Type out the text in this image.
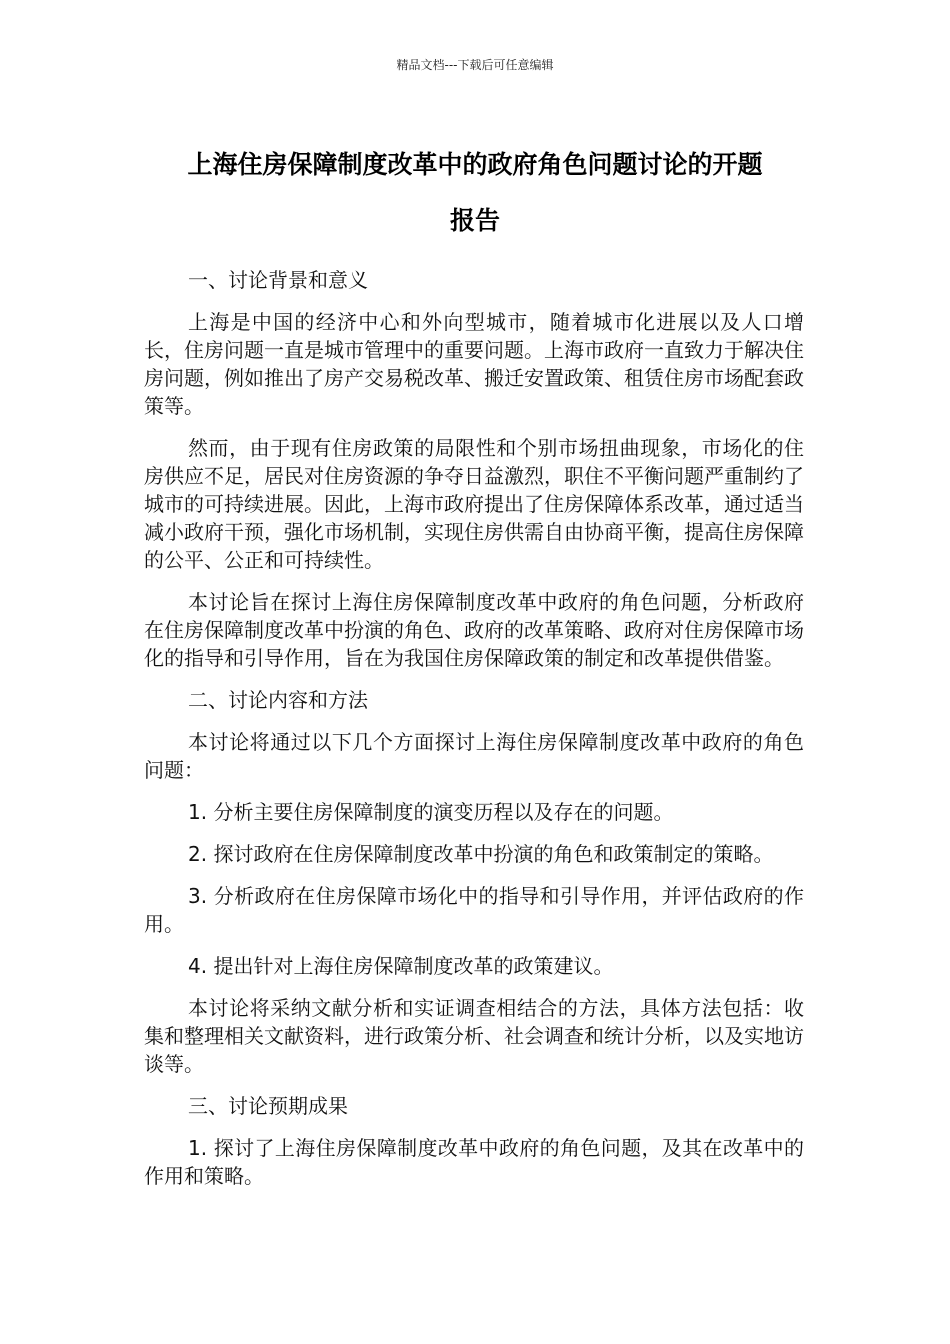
精品文档---下载后可任意编辑
上海住房保障制度改革中的政府角色问题讨论的开题
报告

一、讨论背景和意义

上海是中国的经济中心和外向型城市，随着城市化进展以及人口增长，住房问题一直是城市管理中的重要问题。上海市政府一直致力于解决住房问题，例如推出了房产交易税改革、搬迁安置政策、租赁住房市场配套政策等。

然而，由于现有住房政策的局限性和个别市场扭曲现象，市场化的住房供应不足，居民对住房资源的争夺日益激烈，职住不平衡问题严重制约了城市的可持续进展。因此，上海市政府提出了住房保障体系改革，通过适当减小政府干预，强化市场机制，实现住房供需自由协商平衡，提高住房保障的公平、公正和可持续性。

本讨论旨在探讨上海住房保障制度改革中政府的角色问题，分析政府在住房保障制度改革中扮演的角色、政府的改革策略、政府对住房保障市场化的指导和引导作用，旨在为我国住房保障政策的制定和改革提供借鉴。

二、讨论内容和方法

本讨论将通过以下几个方面探讨上海住房保障制度改革中政府的角色问题：

1. 分析主要住房保障制度的演变历程以及存在的问题。

2. 探讨政府在住房保障制度改革中扮演的角色和政策制定的策略。

3. 分析政府在住房保障市场化中的指导和引导作用，并评估政府的作用。

4. 提出针对上海住房保障制度改革的政策建议。

本讨论将采纳文献分析和实证调查相结合的方法，具体方法包括：收集和整理相关文献资料，进行政策分析、社会调查和统计分析，以及实地访谈等。

三、讨论预期成果

1. 探讨了上海住房保障制度改革中政府的角色问题，及其在改革中的作用和策略。
